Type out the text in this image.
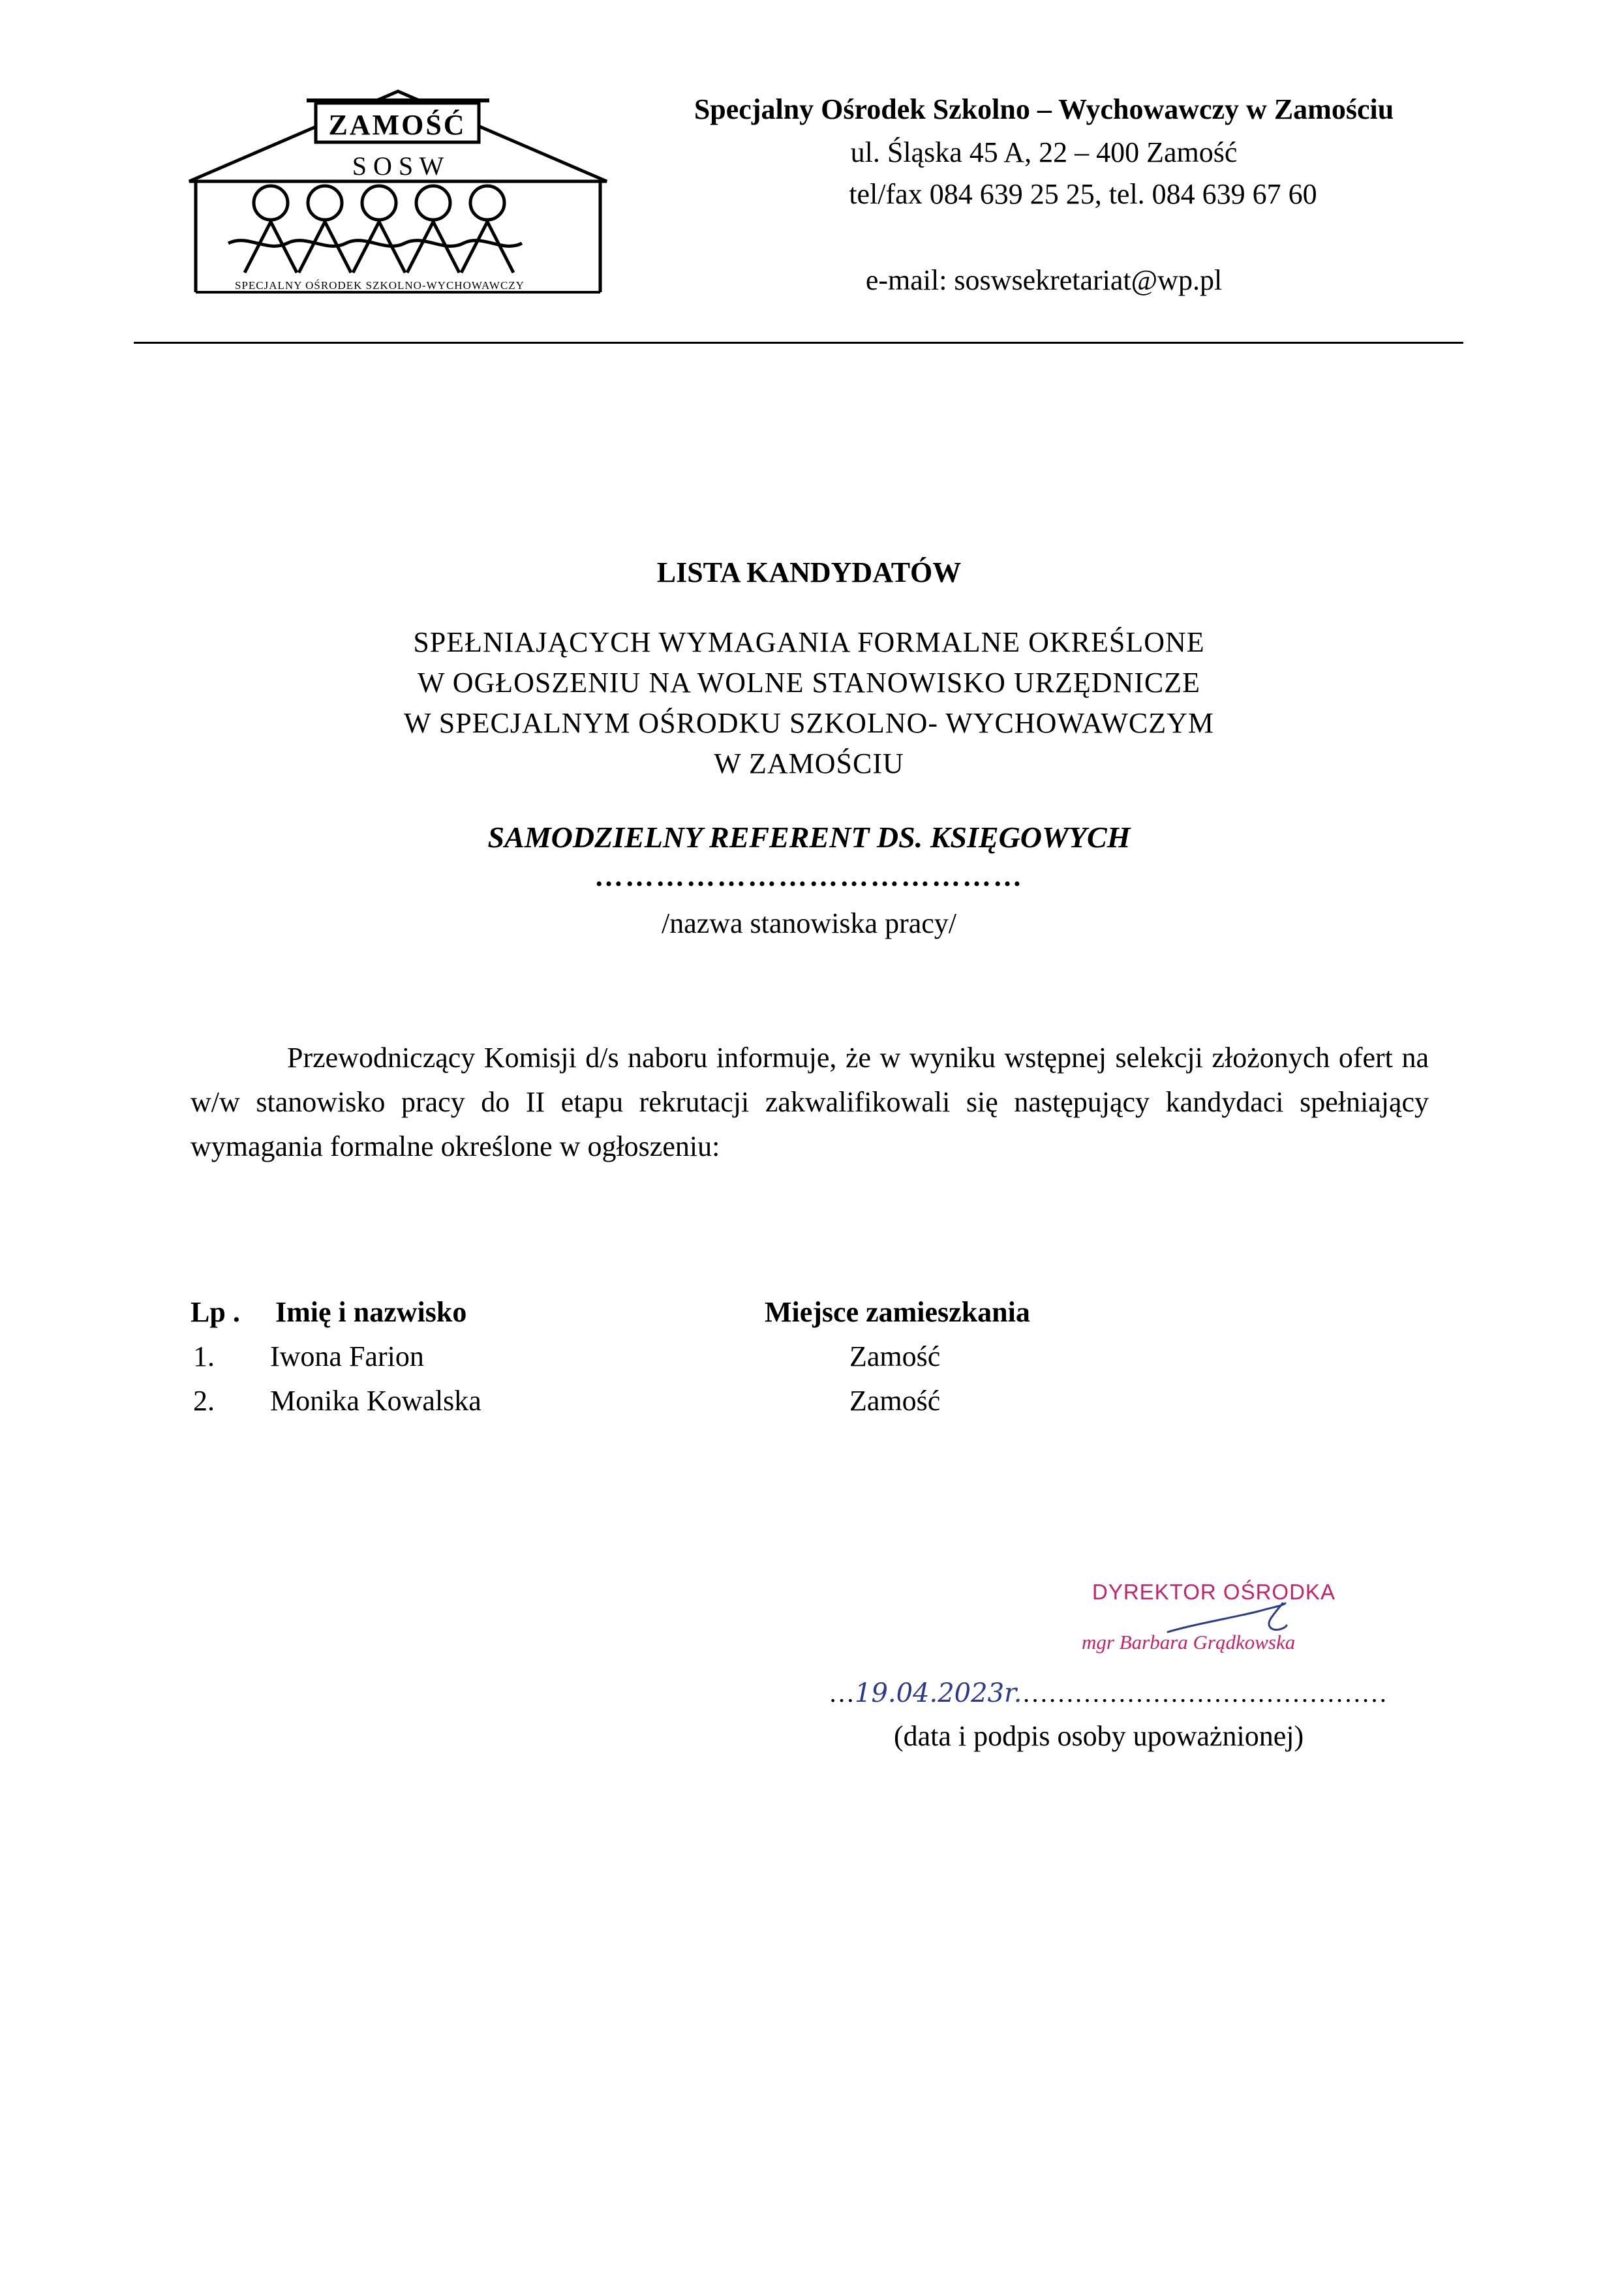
ZAMOŚĆ
S O S W
SPECJALNY OŚRODEK SZKOLNO-WYCHOWAWCZY
Specjalny Ośrodek Szkolno – Wychowawczy w Zamościu
ul. Śląska 45 A, 22 – 400 Zamość
tel/fax 084 639 25 25, tel. 084 639 67 60
e-mail: soswsekretariat@wp.pl
LISTA KANDYDATÓW
SPEŁNIAJĄCYCH WYMAGANIA FORMALNE OKREŚLONE
W OGŁOSZENIU NA WOLNE STANOWISKO URZĘDNICZE
W SPECJALNYM OŚRODKU SZKOLNO- WYCHOWAWCZYM
W ZAMOŚCIU
SAMODZIELNY REFERENT DS. KSIĘGOWYCH
……………………………………
/nazwa stanowiska pracy/
Przewodniczący Komisji d/s naboru informuje, że w wyniku wstępnej selekcji złożonych ofert na w/w stanowisko pracy do II etapu rekrutacji zakwalifikowali się następujący kandydaci spełniający wymagania formalne określone w ogłoszeniu:
Lp . Imię i nazwisko	Miejsce zamieszkania
1. Iwona Farion	Zamość
2. Monika Kowalska	Zamość
DYREKTOR OŚRODKA
mgr Barbara Grądkowska
…19.04.2023r.……………………………………
(data i podpis osoby upoważnionej)
